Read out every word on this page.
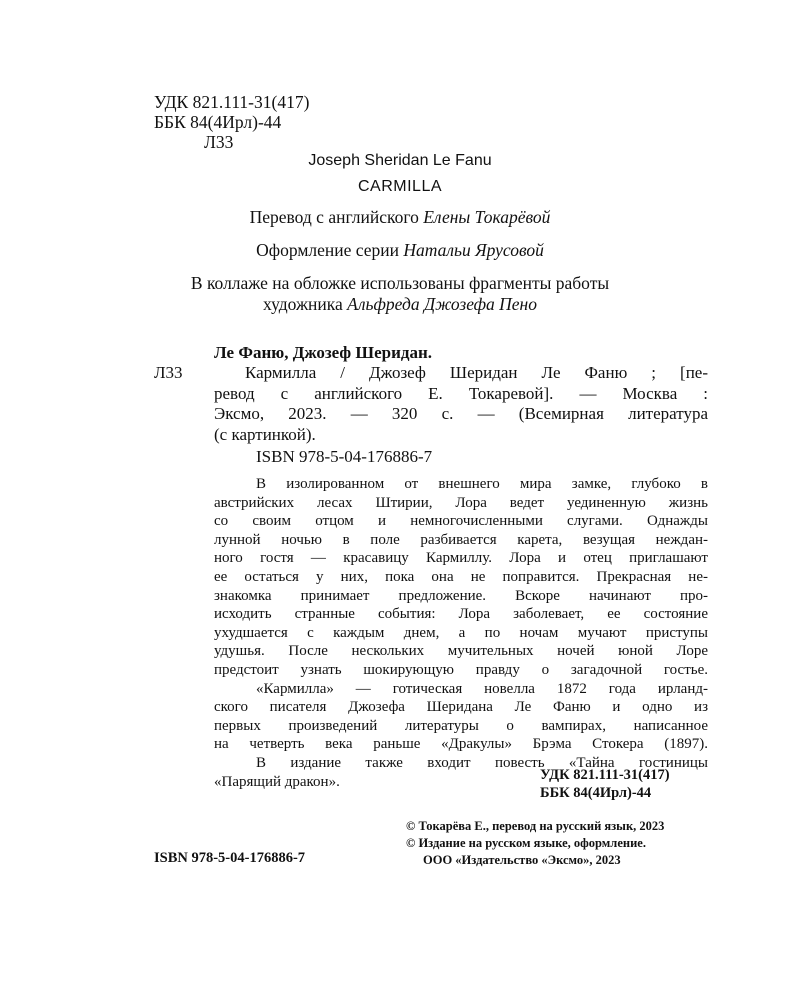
УДК 821.111-31(417)
ББК 84(4Ирл)-44
Л33
Joseph Sheridan Le Fanu
CARMILLA
Перевод с английского Елены Токарёвой
Оформление серии Натальи Ярусовой
В коллаже на обложке использованы фрагменты работы
художника Альфреда Джозефа Пено
Ле Фаню, Джозеф Шеридан.
Л33	Кармилла / Джозеф Шеридан Ле Фаню ; [пе-
ревод с английского Е. Токаревой]. — Москва :
Эксмо, 2023. — 320 с. — (Всемирная литература
(с картинкой).
ISBN 978-5-04-176886-7
В изолированном от внешнего мира замке, глубоко в
австрийских лесах Штирии, Лора ведет уединенную жизнь
со своим отцом и немногочисленными слугами. Однажды
лунной ночью в поле разбивается карета, везущая неждан-
ного гостя — красавицу Кармиллу. Лора и отец приглашают
ее остаться у них, пока она не поправится. Прекрасная не-
знакомка принимает предложение. Вскоре начинают про-
исходить странные события: Лора заболевает, ее состояние
ухудшается с каждым днем, а по ночам мучают приступы
удушья. После нескольких мучительных ночей юной Лоре
предстоит узнать шокирующую правду о загадочной гостье.
«Кармилла» — готическая новелла 1872 года ирланд-
ского писателя Джозефа Шеридана Ле Фаню и одно из
первых произведений литературы о вампирах, написанное
на четверть века раньше «Дракулы» Брэма Стокера (1897).
В издание также входит повесть «Тайна гостиницы
«Парящий дракон».	УДК 821.111-31(417)
ББК 84(4Ирл)-44
© Токарёва Е., перевод на русский язык, 2023
© Издание на русском языке, оформление.
ООО «Издательство «Эксмо», 2023
ISBN 978-5-04-176886-7
